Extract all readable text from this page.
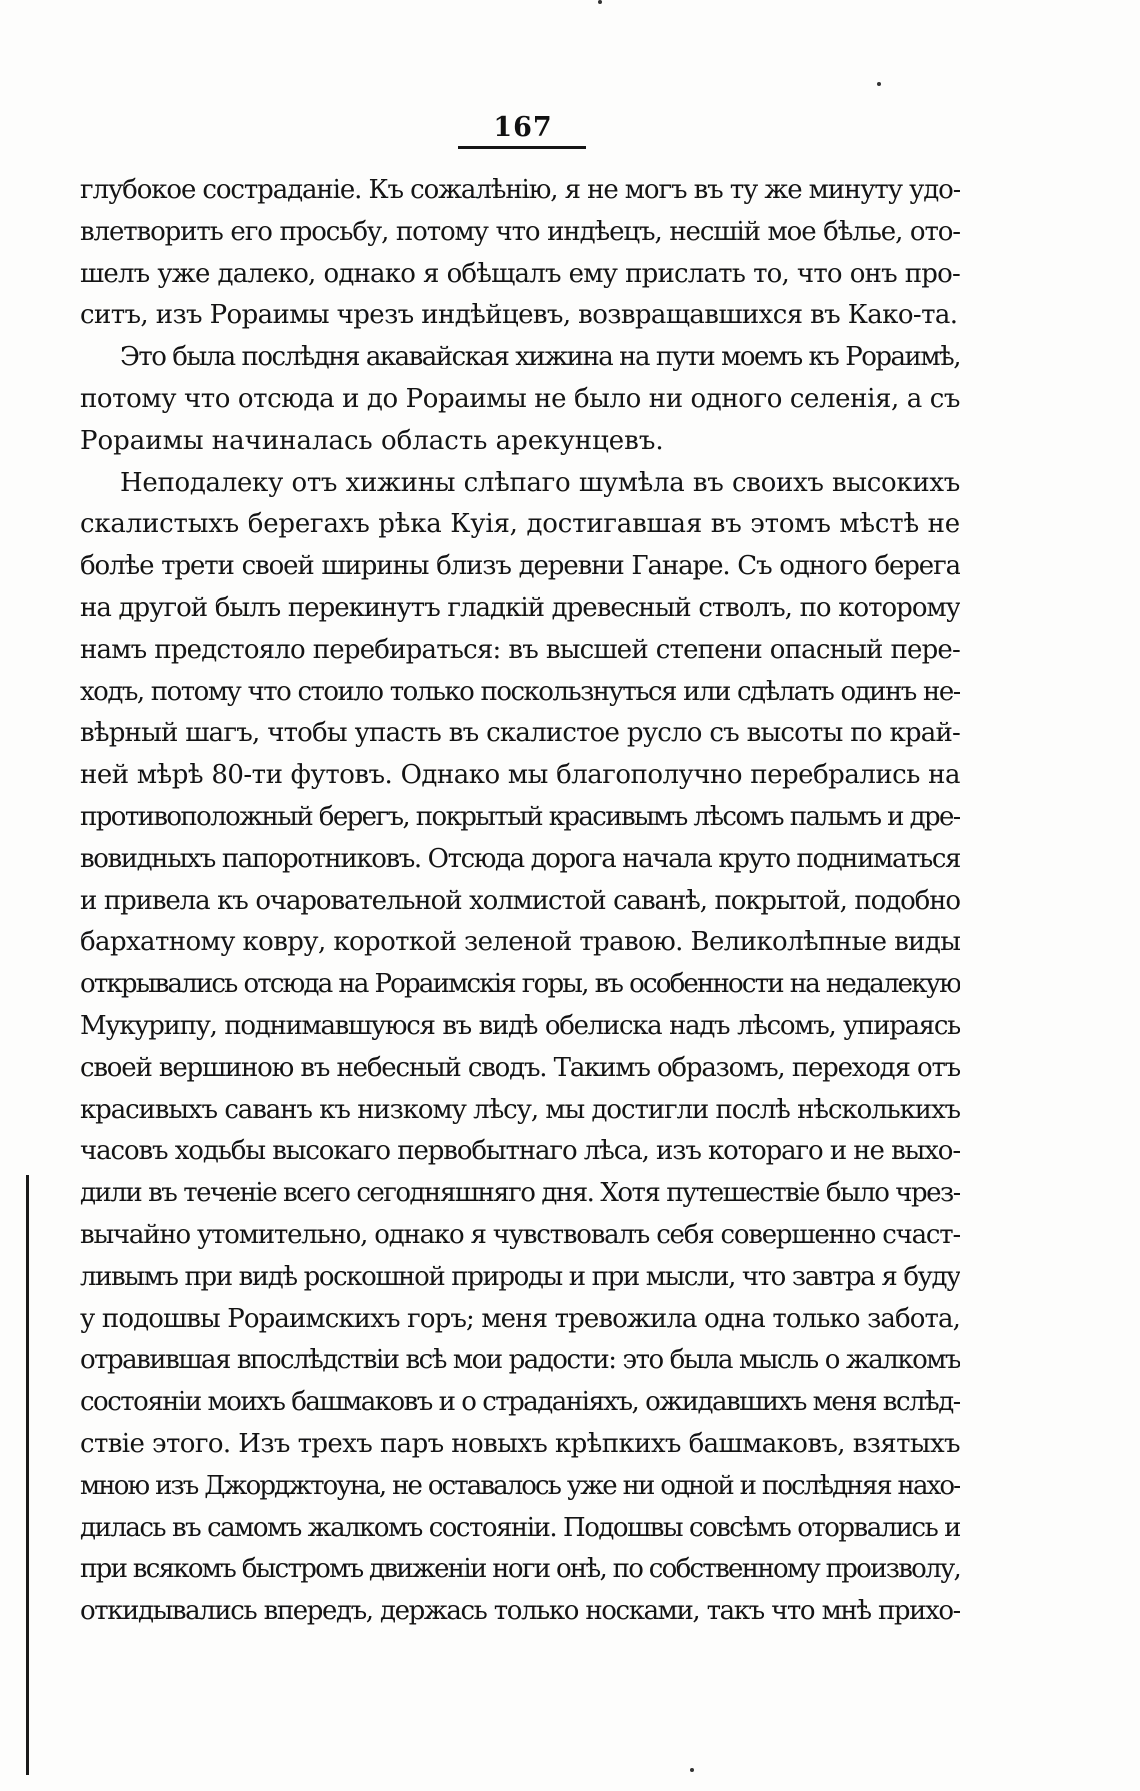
167
глубокое состраданіе. Къ сожалѣнію, я не могъ въ ту же минуту удо-
влетворить его просьбу, потому что индѣецъ, несшій мое бѣлье, ото-
шелъ уже далеко, однако я обѣщалъ ему прислать то, что онъ про-
ситъ, изъ Рораимы чрезъ индѣйцевъ, возвращавшихся въ Како-та.
Это была послѣдня акавайская хижина на пути моемъ къ Рораимѣ,
потому что отсюда и до Рораимы не было ни одного селенія, а съ
Рораимы начиналась область арекунцевъ.
Неподалеку отъ хижины слѣпаго шумѣла въ своихъ высокихъ
скалистыхъ берегахъ рѣка Куія, достигавшая въ этомъ мѣстѣ не
болѣе трети своей ширины близъ деревни Ганаре. Съ одного берега
на другой былъ перекинутъ гладкій древесный стволъ, по которому
намъ предстояло перебираться: въ высшей степени опасный пере-
ходъ, потому что стоило только поскользнуться или сдѣлать одинъ не-
вѣрный шагъ, чтобы упасть въ скалистое русло съ высоты по край-
ней мѣрѣ 80-ти футовъ. Однако мы благополучно перебрались на
противоположный берегъ, покрытый красивымъ лѣсомъ пальмъ и дре-
вовидныхъ папоротниковъ. Отсюда дорога начала круто подниматься
и привела къ очаровательной холмистой саванѣ, покрытой, подобно
бархатному ковру, короткой зеленой травою. Великолѣпные виды
открывались отсюда на Рораимскія горы, въ особенности на недалекую
Мукурипу, поднимавшуюся въ видѣ обелиска надъ лѣсомъ, упираясь
своей вершиною въ небесный сводъ. Такимъ образомъ, переходя отъ
красивыхъ саванъ къ низкому лѣсу, мы достигли послѣ нѣсколькихъ
часовъ ходьбы высокаго первобытнаго лѣса, изъ котораго и не выхо-
дили въ теченіе всего сегодняшняго дня. Хотя путешествіе было чрез-
вычайно утомительно, однако я чувствовалъ себя совершенно счаст-
ливымъ при видѣ роскошной природы и при мысли, что завтра я буду
у подошвы Рораимскихъ горъ; меня тревожила одна только забота,
отравившая впослѣдствіи всѣ мои радости: это была мысль о жалкомъ
состояніи моихъ башмаковъ и о страданіяхъ, ожидавшихъ меня вслѣд-
ствіе этого. Изъ трехъ паръ новыхъ крѣпкихъ башмаковъ, взятыхъ
мною изъ Джорджтоуна, не оставалось уже ни одной и послѣдняя нахо-
дилась въ самомъ жалкомъ состояніи. Подошвы совсѣмъ оторвались и
при всякомъ быстромъ движеніи ноги онѣ, по собственному произволу,
откидывались впередъ, держась только носками, такъ что мнѣ прихо-
